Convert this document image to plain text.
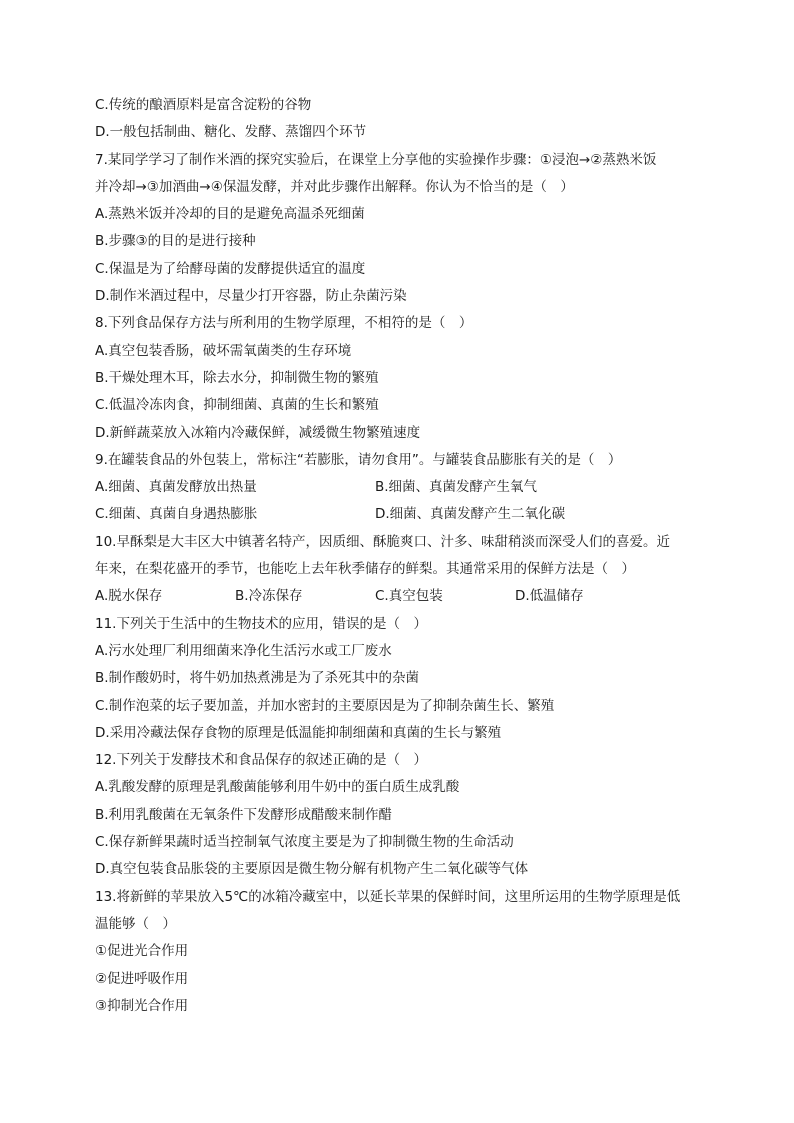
C.传统的酿酒原料是富含淀粉的谷物
D.一般包括制曲、糖化、发酵、蒸馏四个环节
7.某同学学习了制作米酒的探究实验后，在课堂上分享他的实验操作步骤：①浸泡→②蒸熟米饭
并冷却→③加酒曲→④保温发酵，并对此步骤作出解释。你认为不恰当的是（　）
A.蒸熟米饭并冷却的目的是避免高温杀死细菌
B.步骤③的目的是进行接种
C.保温是为了给酵母菌的发酵提供适宜的温度
D.制作米酒过程中，尽量少打开容器，防止杂菌污染
8.下列食品保存方法与所利用的生物学原理，不相符的是（　）
A.真空包装香肠，破坏需氧菌类的生存环境
B.干燥处理木耳，除去水分，抑制微生物的繁殖
C.低温冷冻肉食，抑制细菌、真菌的生长和繁殖
D.新鲜蔬菜放入冰箱内冷藏保鲜，减缓微生物繁殖速度
9.在罐装食品的外包装上，常标注“若膨胀，请勿食用”。与罐装食品膨胀有关的是（　）
A.细菌、真菌发酵放出热量	B.细菌、真菌发酵产生氧气
C.细菌、真菌自身遇热膨胀	D.细菌、真菌发酵产生二氧化碳
10.早酥梨是大丰区大中镇著名特产，因质细、酥脆爽口、汁多、味甜稍淡而深受人们的喜爱。近
年来，在梨花盛开的季节，也能吃上去年秋季储存的鲜梨。其通常采用的保鲜方法是（　）
A.脱水保存	B.冷冻保存	C.真空包装	D.低温储存
11.下列关于生活中的生物技术的应用，错误的是（　）
A.污水处理厂利用细菌来净化生活污水或工厂废水
B.制作酸奶时，将牛奶加热煮沸是为了杀死其中的杂菌
C.制作泡菜的坛子要加盖，并加水密封的主要原因是为了抑制杂菌生长、繁殖
D.采用冷藏法保存食物的原理是低温能抑制细菌和真菌的生长与繁殖
12.下列关于发酵技术和食品保存的叙述正确的是（　）
A.乳酸发酵的原理是乳酸菌能够利用牛奶中的蛋白质生成乳酸
B.利用乳酸菌在无氧条件下发酵形成醋酸来制作醋
C.保存新鲜果蔬时适当控制氧气浓度主要是为了抑制微生物的生命活动
D.真空包装食品胀袋的主要原因是微生物分解有机物产生二氧化碳等气体
13.将新鲜的苹果放入5℃的冰箱冷藏室中，以延长苹果的保鲜时间，这里所运用的生物学原理是低
温能够（　）
①促进光合作用
②促进呼吸作用
③抑制光合作用
